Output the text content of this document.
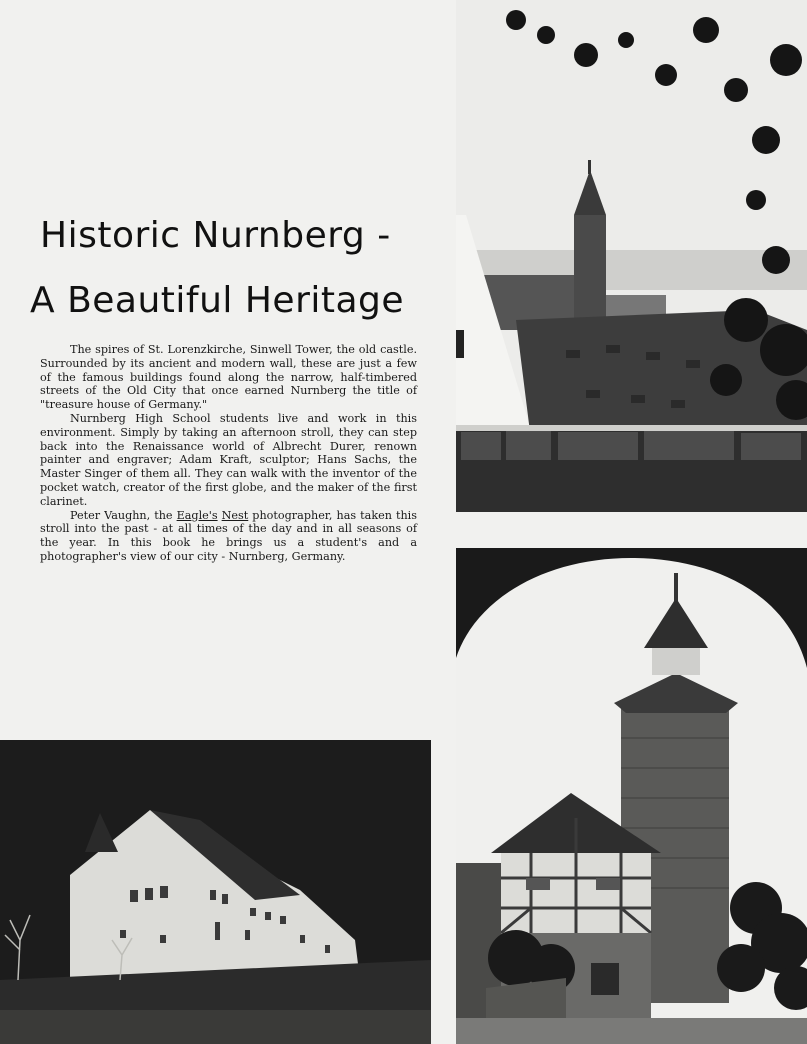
Historic Nurnberg -
A Beautiful Heritage

The spires of St. Lorenzkirche, Sinwell Tower, the old castle. Surrounded by its ancient and modern wall, these are just a few of the famous buildings found along the narrow, half-timbered streets of the Old City that once earned Nurnberg the title of "treasure house of Germany."

Nurnberg High School students live and work in this environment. Simply by taking an afternoon stroll, they can step back into the Renaissance world of Albrecht Durer, renown painter and engraver; Adam Kraft, sculptor; Hans Sachs, the Master Singer of them all. They can walk with the inventor of the pocket watch, creator of the first globe, and the maker of the first clarinet.

Peter Vaughn, the Eagle's Nest photographer, has taken this stroll into the past - at all times of the day and in all seasons of the year. In this book he brings us a student's and a photographer's view of our city - Nurnberg, Germany.
